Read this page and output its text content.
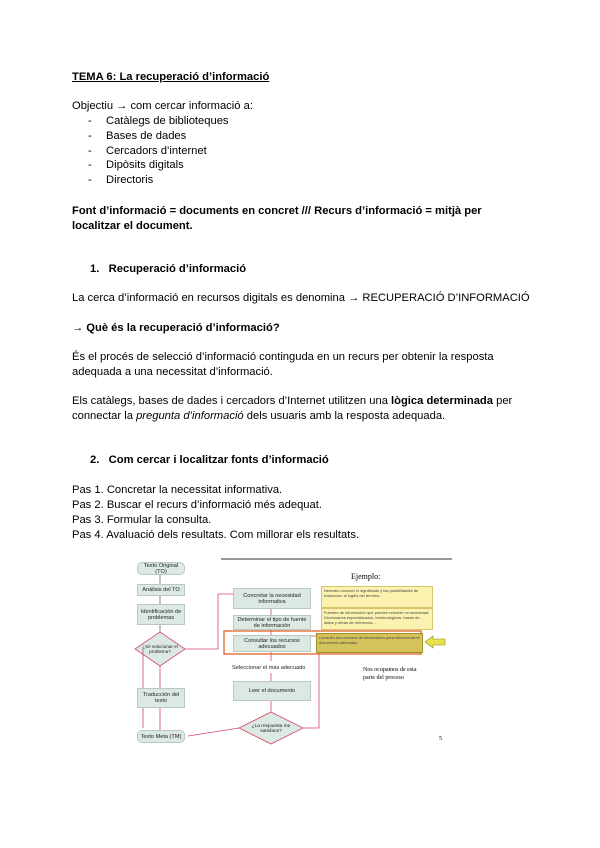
TEMA 6: La recuperació d’informació
Objectiu → com cercar informació a:
- Catàlegs de biblioteques
- Bases de dades
- Cercadors d’internet
- Dipòsits digitals
- Directoris
Font d’informació = documents en concret /// Recurs d’informació = mitjà per
localitzar el document.
1. Recuperació d’informació
La cerca d’informació en recursos digitals es denomina → RECUPERACIÓ D’INFORMACIÓ
→ Què és la recuperació d’informació?
És el procés de selecció d’informació continguda en un recurs per obtenir la resposta
adequada a una necessitat d’informació.
Els catàlegs, bases de dades i cercadors d’Internet utilitzen una lògica determinada per
connectar la pregunta d’informació dels usuaris amb la resposta adequada.
2. Com cercar i localitzar fonts d’informació
Pas 1. Concretar la necessitat informativa.
Pas 2. Buscar el recurs d’informació més adequat.
Pas 3. Formular la consulta.
Pas 4. Avaluació dels resultats. Com millorar els resultats.
Texto Original (TO)
Análisis del TO
Identificación de problemas
¿Sé solucionar el problema?
Traducción del texto
Texto Meta (TM)
Concretar la necesidad informativa
Determinar el tipo de fuente de información
Consultar los recursos adecuados
Seleccionar el más adecuado
Leer el documento
¿La respuesta me satisface?
Ejemplo:
Necesito conocer el significado y las posibilidades de traducción al inglés del término...
Fuentes de información que pueden resolver mi necesidad: Diccionarios especializados, terminológicos, bases de datos y obras de referencia...
Consulto los recursos de información para seleccionar el documento adecuado
Nos ocupamos de esta parte del proceso
5
